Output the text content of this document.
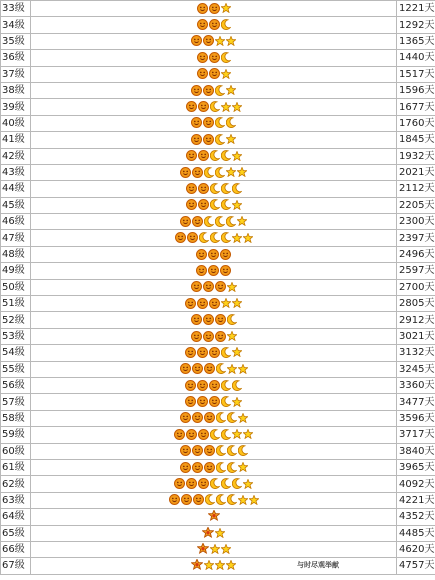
33级		1221天
34级		1292天
35级		1365天
36级		1440天
37级		1517天
38级		1596天
39级		1677天
40级		1760天
41级		1845天
42级		1932天
43级		2021天
44级		2112天
45级		2205天
46级		2300天
47级		2397天
48级		2496天
49级		2597天
50级		2700天
51级		2805天
52级		2912天
53级		3021天
54级		3132天
55级		3245天
56级		3360天
57级		3477天
58级		3596天
59级		3717天
60级		3840天
61级		3965天
62级		4092天
63级		4221天
64级		4352天
65级		4485天
66级		4620天
67级	与时尽观举献	4757天
